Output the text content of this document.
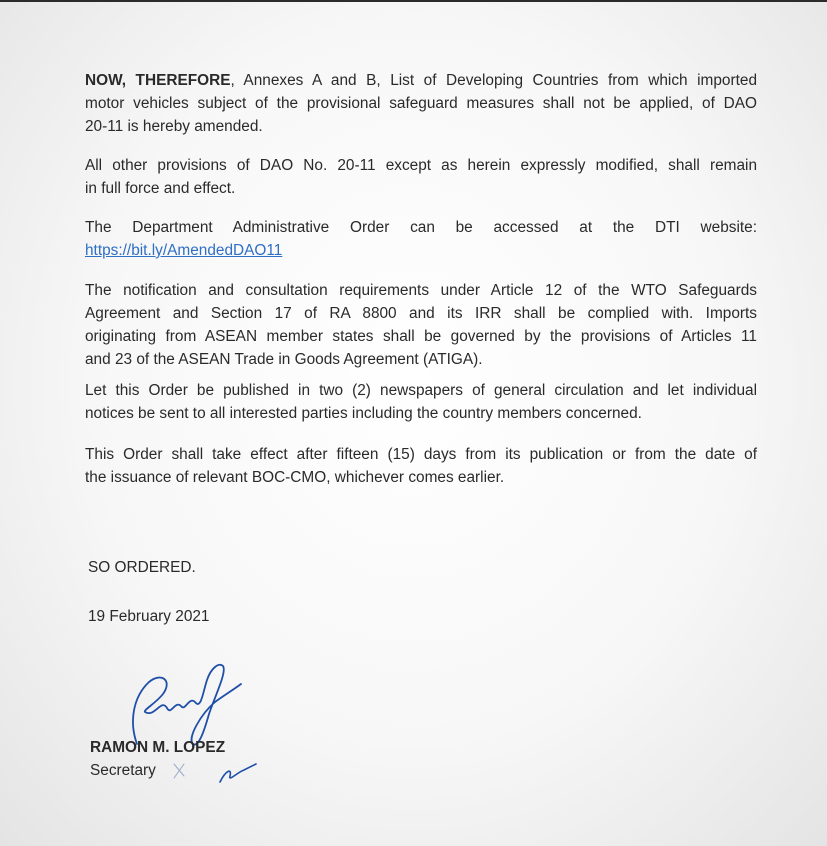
NOW, THEREFORE, Annexes A and B, List of Developing Countries from which imported
motor vehicles subject of the provisional safeguard measures shall not be applied, of DAO
20-11 is hereby amended.
All other provisions of DAO No. 20-11 except as herein expressly modified, shall remain
in full force and effect.
The Department Administrative Order can be accessed at the DTI website:
https://bit.ly/AmendedDAO11
The notification and consultation requirements under Article 12 of the WTO Safeguards
Agreement and Section 17 of RA 8800 and its IRR shall be complied with. Imports
originating from ASEAN member states shall be governed by the provisions of Articles 11
and 23 of the ASEAN Trade in Goods Agreement (ATIGA).
Let this Order be published in two (2) newspapers of general circulation and let individual
notices be sent to all interested parties including the country members concerned.
This Order shall take effect after fifteen (15) days from its publication or from the date of
the issuance of relevant BOC-CMO, whichever comes earlier.
SO ORDERED.
19 February 2021
RAMON M. LOPEZ
Secretary
